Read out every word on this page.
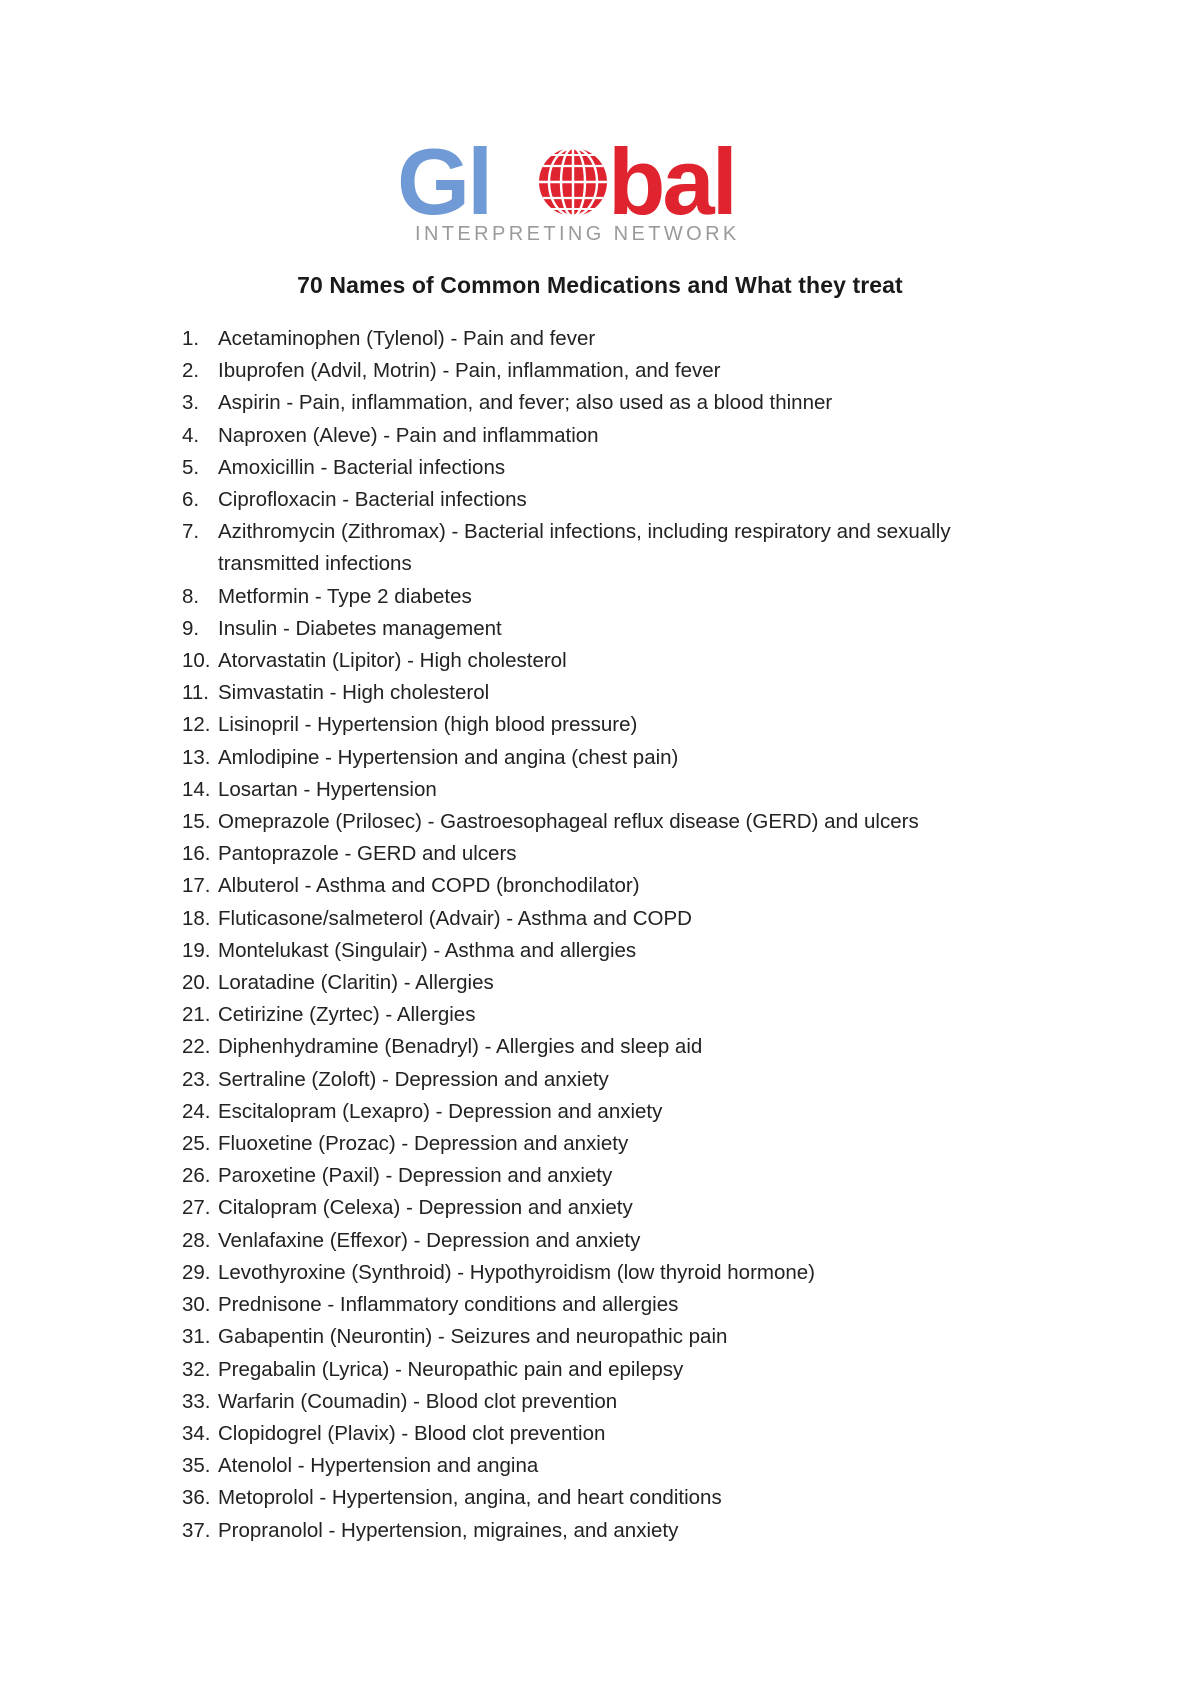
Gl bal
INTERPRETING NETWORK
70 Names of Common Medications and What they treat
1. Acetaminophen (Tylenol) - Pain and fever
2. Ibuprofen (Advil, Motrin) - Pain, inflammation, and fever
3. Aspirin - Pain, inflammation, and fever; also used as a blood thinner
4. Naproxen (Aleve) - Pain and inflammation
5. Amoxicillin - Bacterial infections
6. Ciprofloxacin - Bacterial infections
7. Azithromycin (Zithromax) - Bacterial infections, including respiratory and sexually transmitted infections
8. Metformin - Type 2 diabetes
9. Insulin - Diabetes management
10. Atorvastatin (Lipitor) - High cholesterol
11. Simvastatin - High cholesterol
12. Lisinopril - Hypertension (high blood pressure)
13. Amlodipine - Hypertension and angina (chest pain)
14. Losartan - Hypertension
15. Omeprazole (Prilosec) - Gastroesophageal reflux disease (GERD) and ulcers
16. Pantoprazole - GERD and ulcers
17. Albuterol - Asthma and COPD (bronchodilator)
18. Fluticasone/salmeterol (Advair) - Asthma and COPD
19. Montelukast (Singulair) - Asthma and allergies
20. Loratadine (Claritin) - Allergies
21. Cetirizine (Zyrtec) - Allergies
22. Diphenhydramine (Benadryl) - Allergies and sleep aid
23. Sertraline (Zoloft) - Depression and anxiety
24. Escitalopram (Lexapro) - Depression and anxiety
25. Fluoxetine (Prozac) - Depression and anxiety
26. Paroxetine (Paxil) - Depression and anxiety
27. Citalopram (Celexa) - Depression and anxiety
28. Venlafaxine (Effexor) - Depression and anxiety
29. Levothyroxine (Synthroid) - Hypothyroidism (low thyroid hormone)
30. Prednisone - Inflammatory conditions and allergies
31. Gabapentin (Neurontin) - Seizures and neuropathic pain
32. Pregabalin (Lyrica) - Neuropathic pain and epilepsy
33. Warfarin (Coumadin) - Blood clot prevention
34. Clopidogrel (Plavix) - Blood clot prevention
35. Atenolol - Hypertension and angina
36. Metoprolol - Hypertension, angina, and heart conditions
37. Propranolol - Hypertension, migraines, and anxiety
